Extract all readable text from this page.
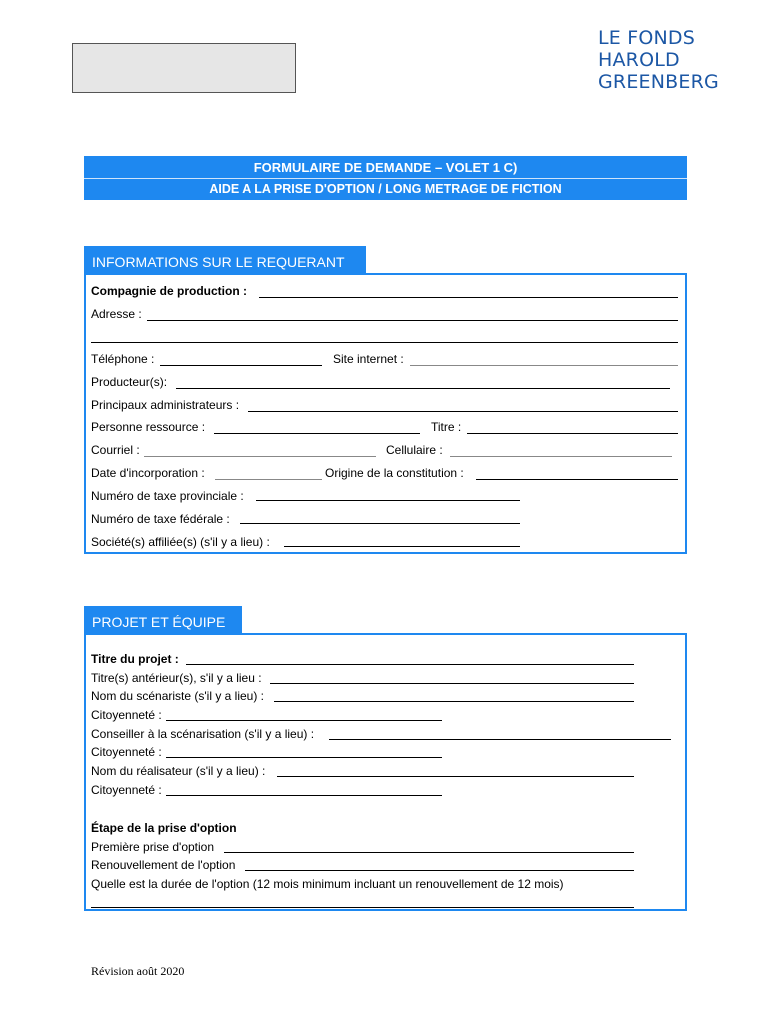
LE FONDS
HAROLD
GREENBERG
FORMULAIRE DE DEMANDE – VOLET 1 C)
AIDE A LA PRISE D'OPTION / LONG METRAGE DE FICTION
INFORMATIONS SUR LE REQUERANT
Compagnie de production :
Adresse :
Téléphone :	Site internet :
Producteur(s):
Principaux administrateurs :
Personne ressource :	Titre :
Courriel :	Cellulaire :
Date d'incorporation :	Origine de la constitution :
Numéro de taxe provinciale :
Numéro de taxe fédérale :
Société(s) affiliée(s) (s'il y a lieu) :
PROJET ET ÉQUIPE
Titre du projet :
Titre(s) antérieur(s), s'il y a lieu :
Nom du scénariste (s'il y a lieu) :
Citoyenneté :
Conseiller à la scénarisation (s'il y a lieu) :
Citoyenneté :
Nom du réalisateur (s'il y a lieu) :
Citoyenneté :
Étape de la prise d'option
Première prise d'option
Renouvellement de l'option
Quelle est la durée de l'option (12 mois minimum incluant un renouvellement de 12 mois)
Révision août 2020
